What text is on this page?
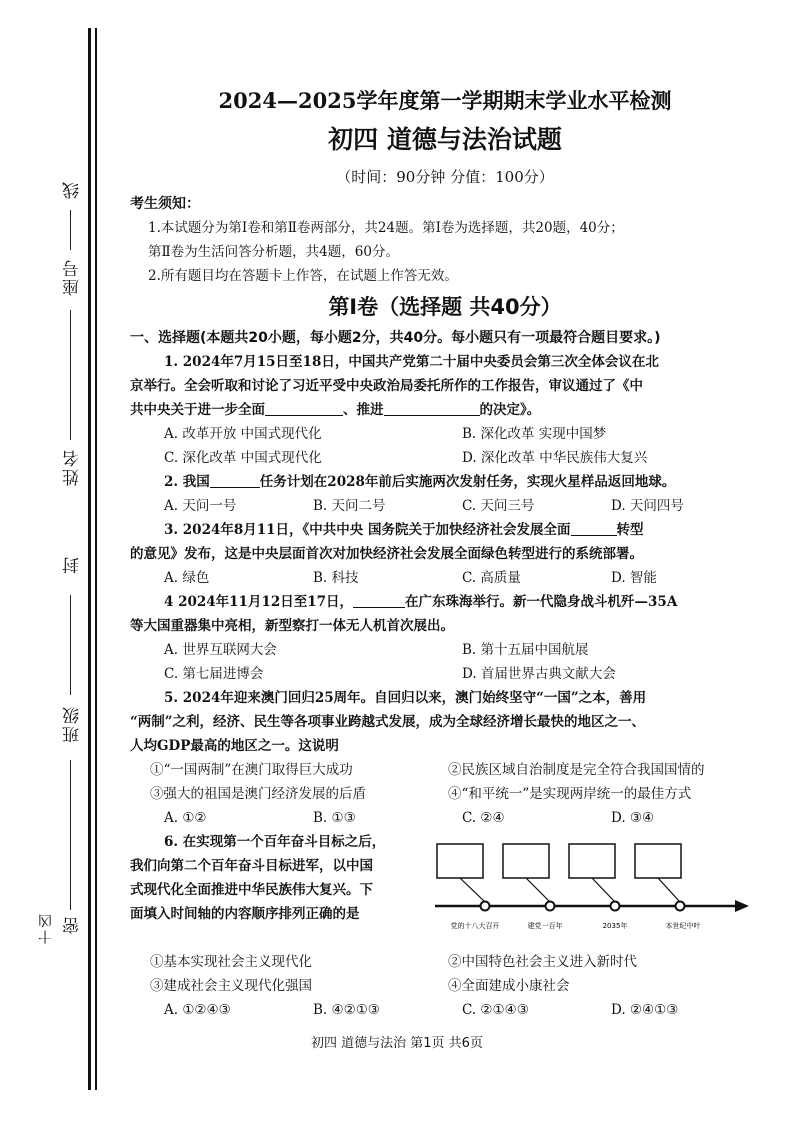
线
座号
姓名
封
班级
十凶 密
2024—2025学年度第一学期期末学业水平检测
初四 道德与法治试题
（时间：90分钟 分值：100分）
考生须知：
1.本试题分为第Ⅰ卷和第Ⅱ卷两部分，共24题。第Ⅰ卷为选择题，共20题，40分；
第Ⅱ卷为生活问答分析题，共4题，60分。
2.所有题目均在答题卡上作答，在试题上作答无效。
第Ⅰ卷（选择题 共40分）
一、选择题(本题共20小题，每小题2分，共40分。每小题只有一项最符合题目要求。)
1. 2024年7月15日至18日，中国共产党第二十届中央委员会第三次全体会议在北
京举行。全会听取和讨论了习近平受中央政治局委托所作的工作报告，审议通过了《中
共中央关于进一步全面	、推进	的决定》。
A. 改革开放 中国式现代化	B. 深化改革 实现中国梦
C. 深化改革 中国式现代化	D. 深化改革 中华民族伟大复兴
2. 我国	任务计划在2028年前后实施两次发射任务，实现火星样品返回地球。
A. 天问一号	B. 天问二号	C. 天问三号	D. 天问四号
3. 2024年8月11日，《中共中央 国务院关于加快经济社会发展全面	转型
的意见》发布，这是中央层面首次对加快经济社会发展全面绿色转型进行的系统部署。
A. 绿色	B. 科技	C. 高质量	D. 智能
4 2024年11月12日至17日，	在广东珠海举行。新一代隐身战斗机歼—35A
等大国重器集中亮相，新型察打一体无人机首次展出。
A. 世界互联网大会	B. 第十五届中国航展
C. 第七届进博会	D. 首届世界古典文献大会
5. 2024年迎来澳门回归25周年。自回归以来，澳门始终坚守“一国”之本，善用
“两制”之利，经济、民生等各项事业跨越式发展，成为全球经济增长最快的地区之一、
人均GDP最高的地区之一。这说明
①“一国两制”在澳门取得巨大成功	②民族区域自治制度是完全符合我国国情的
③强大的祖国是澳门经济发展的后盾	④“和平统一”是实现两岸统一的最佳方式
A. ①②	B. ①③	C. ②④	D. ③④
6. 在实现第一个百年奋斗目标之后，
我们向第二个百年奋斗目标进军，以中国
式现代化全面推进中华民族伟大复兴。下
面填入时间轴的内容顺序排列正确的是
党的十八大召开	建党一百年	2035年	本世纪中叶
①基本实现社会主义现代化	②中国特色社会主义进入新时代
③建成社会主义现代化强国	④全面建成小康社会
A. ①②④③	B. ④②①③	C. ②①④③	D. ②④①③
初四 道德与法治 第1页 共6页
